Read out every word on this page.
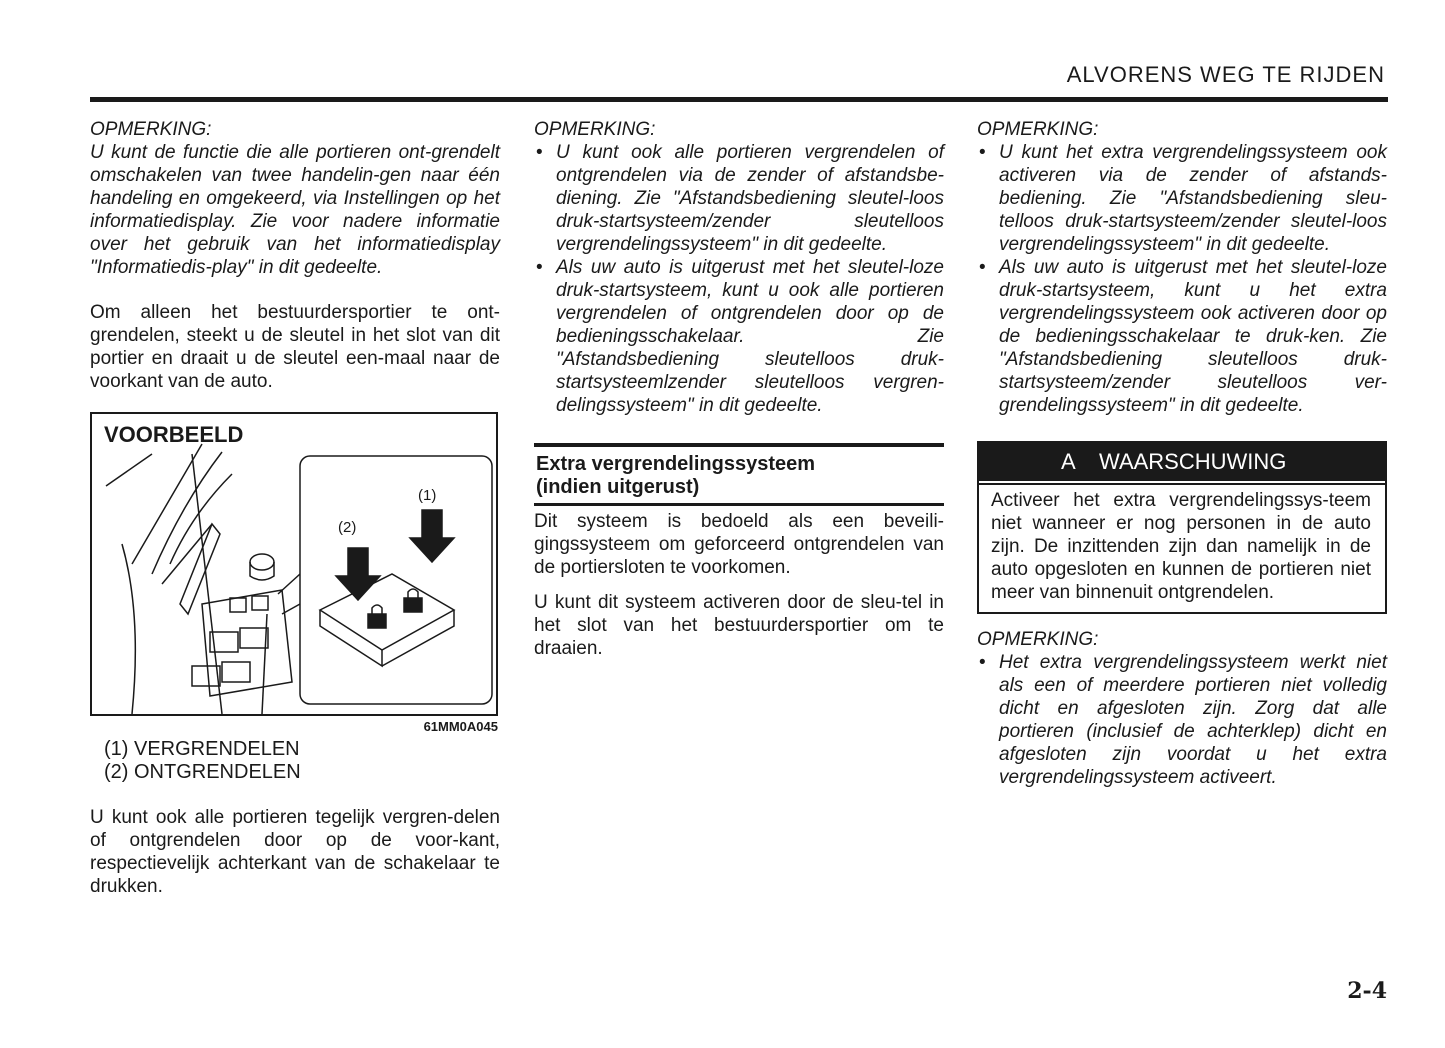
ALVORENS WEG TE RIJDEN
OPMERKING:
U kunt de functie die alle portieren ont-grendelt omschakelen van twee handelin-gen naar één handeling en omgekeerd, via Instellingen op het informatiedisplay. Zie voor nadere informatie over het gebruik van het informatiedisplay "Informatiedis-play" in dit gedeelte.
Om alleen het bestuurdersportier te ont-grendelen, steekt u de sleutel in het slot van dit portier en draait u de sleutel een-maal naar de voorkant van de auto.
VOORBEELD
(1)
(2)
61MM0A045
(1) VERGRENDELEN
(2) ONTGRENDELEN
U kunt ook alle portieren tegelijk vergren-delen of ontgrendelen door op de voor-kant, respectievelijk achterkant van de schakelaar te drukken.
OPMERKING:
• U kunt ook alle portieren vergrendelen of ontgrendelen via de zender of afstandsbe-diening. Zie "Afstandsbediening sleutel-loos druk-startsysteem/zender sleutelloos vergrendelingssysteem" in dit gedeelte.
• Als uw auto is uitgerust met het sleutel-loze druk-startsysteem, kunt u ook alle portieren vergrendelen of ontgrendelen door op de bedieningsschakelaar. Zie "Afstandsbediening sleutelloos druk-startsysteemlzender sleutelloos vergren-delingssysteem" in dit gedeelte.
Extra vergrendelingssysteem
(indien uitgerust)
Dit systeem is bedoeld als een beveili-gingssysteem om geforceerd ontgrendelen van de portiersloten te voorkomen.
U kunt dit systeem activeren door de sleu-tel in het slot van het bestuurdersportier om te draaien.
OPMERKING:
• U kunt het extra vergrendelingssysteem ook activeren via de zender of afstands-bediening. Zie "Afstandsbediening sleu-telloos druk-startsysteem/zender sleutel-loos vergrendelingssysteem" in dit gedeelte.
• Als uw auto is uitgerust met het sleutel-loze druk-startsysteem, kunt u het extra vergrendelingssysteem ook activeren door op de bedieningsschakelaar te druk-ken. Zie "Afstandsbediening sleutelloos druk-startsysteem/zender sleutelloos ver-grendelingssysteem" in dit gedeelte.
A WAARSCHUWING
Activeer het extra vergrendelingssys-teem niet wanneer er nog personen in de auto zijn. De inzittenden zijn dan namelijk in de auto opgesloten en kunnen de portieren niet meer van binnenuit ontgrendelen.
OPMERKING:
• Het extra vergrendelingssysteem werkt niet als een of meerdere portieren niet volledig dicht en afgesloten zijn. Zorg dat alle portieren (inclusief de achterklep) dicht en afgesloten zijn voordat u het extra vergrendelingssysteem activeert.
2-4
